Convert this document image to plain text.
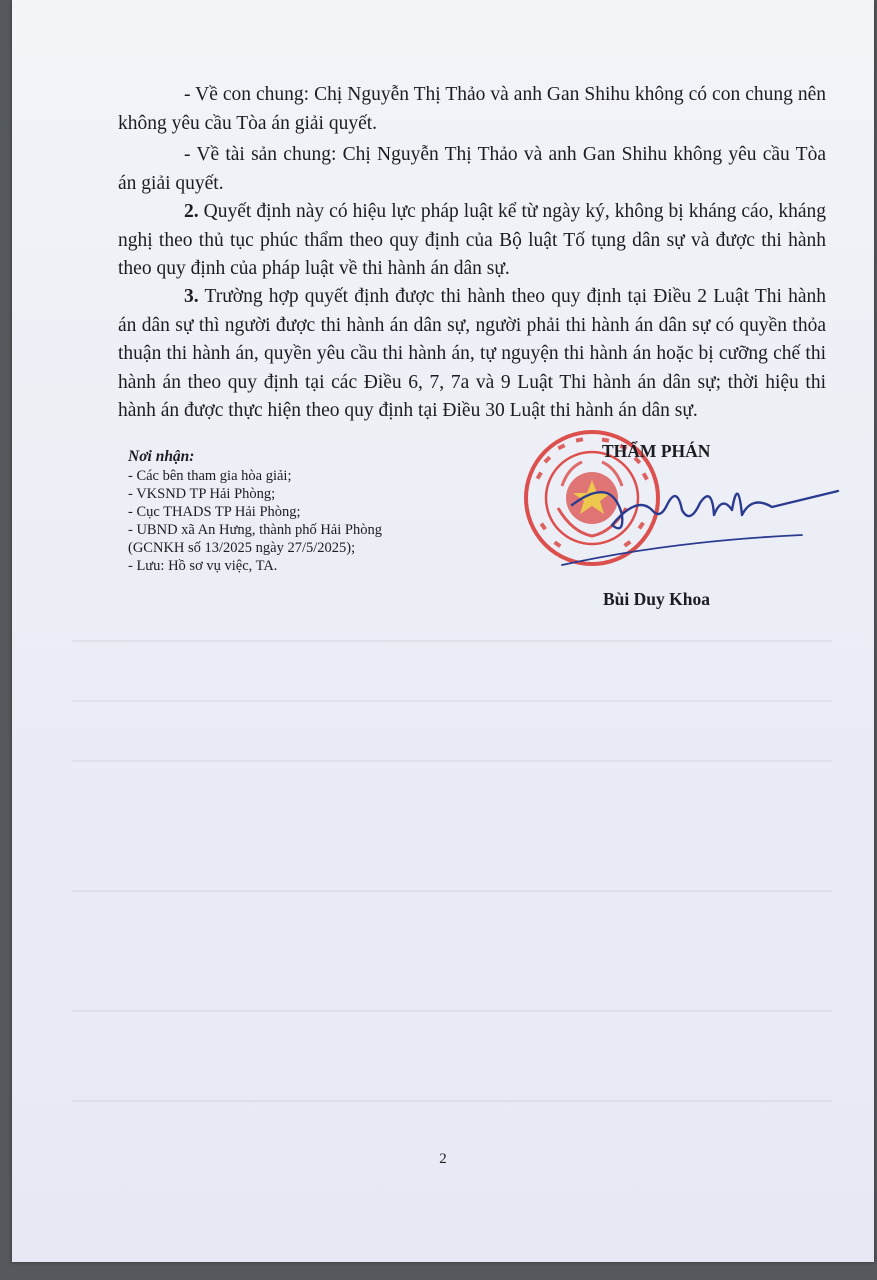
- Về con chung: Chị Nguyễn Thị Thảo và anh Gan Shihu không có con chung nên không yêu cầu Tòa án giải quyết.
- Về tài sản chung: Chị Nguyễn Thị Thảo và anh Gan Shihu không yêu cầu Tòa án giải quyết.
2. Quyết định này có hiệu lực pháp luật kể từ ngày ký, không bị kháng cáo, kháng nghị theo thủ tục phúc thẩm theo quy định của Bộ luật Tố tụng dân sự và được thi hành theo quy định của pháp luật về thi hành án dân sự.
3. Trường hợp quyết định được thi hành theo quy định tại Điều 2 Luật Thi hành án dân sự thì người được thi hành án dân sự, người phải thi hành án dân sự có quyền thỏa thuận thi hành án, quyền yêu cầu thi hành án, tự nguyện thi hành án hoặc bị cưỡng chế thi hành án theo quy định tại các Điều 6, 7, 7a và 9 Luật Thi hành án dân sự; thời hiệu thi hành án được thực hiện theo quy định tại Điều 30 Luật thi hành án dân sự.
Nơi nhận:
- Các bên tham gia hòa giải;
- VKSND TP Hải Phòng;
- Cục THADS TP Hải Phòng;
- UBND xã An Hưng, thành phố Hải Phòng
(GCNKH số 13/2025 ngày 27/5/2025);
- Lưu: Hồ sơ vụ việc, TA.
THẨM PHÁN
Bùi Duy Khoa
2
